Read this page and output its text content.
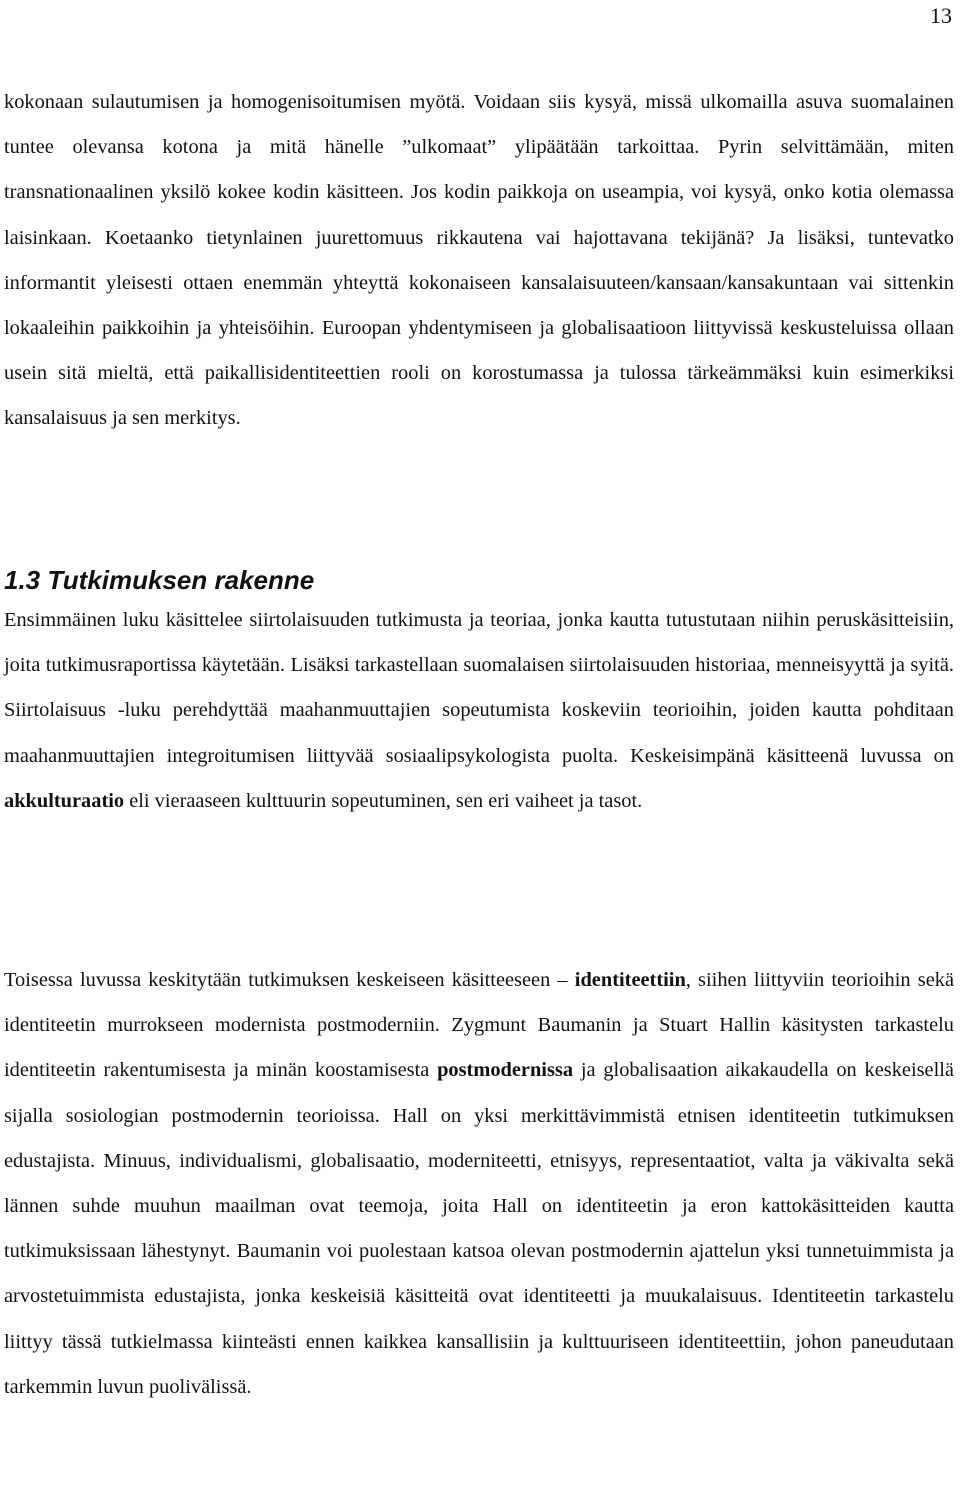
13

kokonaan sulautumisen ja homogenisoitumisen myötä. Voidaan siis kysyä, missä ulkomailla asuva suomalainen tuntee olevansa kotona ja mitä hänelle ”ulkomaat” ylipäätään tarkoittaa. Pyrin selvittämään, miten transnationaalinen yksilö kokee kodin käsitteen. Jos kodin paikkoja on useampia, voi kysyä, onko kotia olemassa laisinkaan. Koetaanko tietynlainen juurettomuus rikkautena vai hajottavana tekijänä? Ja lisäksi, tuntevatko informantit yleisesti ottaen enemmän yhteyttä kokonaiseen kansalaisuuteen/kansaan/kansakuntaan vai sittenkin lokaaleihin paikkoihin ja yhteisöihin. Euroopan yhdentymiseen ja globalisaatioon liittyvissä keskusteluissa ollaan usein sitä mieltä, että paikallisidentiteettien rooli on korostumassa ja tulossa tärkeämmäksi kuin esimerkiksi kansalaisuus ja sen merkitys.

1.3 Tutkimuksen rakenne

Ensimmäinen luku käsittelee siirtolaisuuden tutkimusta ja teoriaa, jonka kautta tutustutaan niihin peruskäsitteisiin, joita tutkimusraportissa käytetään. Lisäksi tarkastellaan suomalaisen siirtolaisuuden historiaa, menneisyyttä ja syitä. Siirtolaisuus -luku perehdyttää maahanmuuttajien sopeutumista koskeviin teorioihin, joiden kautta pohditaan maahanmuuttajien integroitumisen liittyvää sosiaalipsykologista puolta. Keskeisimpänä käsitteenä luvussa on akkulturaatio eli vieraaseen kulttuurin sopeutuminen, sen eri vaiheet ja tasot.

Toisessa luvussa keskitytään tutkimuksen keskeiseen käsitteeseen – identiteettiin, siihen liittyviin teorioihin sekä identiteetin murrokseen modernista postmoderniin. Zygmunt Baumanin ja Stuart Hallin käsitysten tarkastelu identiteetin rakentumisesta ja minän koostamisesta postmodernissa ja globalisaation aikakaudella on keskeisellä sijalla sosiologian postmodernin teorioissa. Hall on yksi merkittävimmistä etnisen identiteetin tutkimuksen edustajista. Minuus, individualismi, globalisaatio, moderniteetti, etnisyys, representaatiot, valta ja väkivalta sekä lännen suhde muuhun maailman ovat teemoja, joita Hall on identiteetin ja eron kattokäsitteiden kautta tutkimuksissaan lähestynyt. Baumanin voi puolestaan katsoa olevan postmodernin ajattelun yksi tunnetuimmista ja arvostetuimmista edustajista, jonka keskeisiä käsitteitä ovat identiteetti ja muukalaisuus. Identiteetin tarkastelu liittyy tässä tutkielmassa kiinteästi ennen kaikkea kansallisiin ja kulttuuriseen identiteettiin, johon paneudutaan tarkemmin luvun puolivälissä.
